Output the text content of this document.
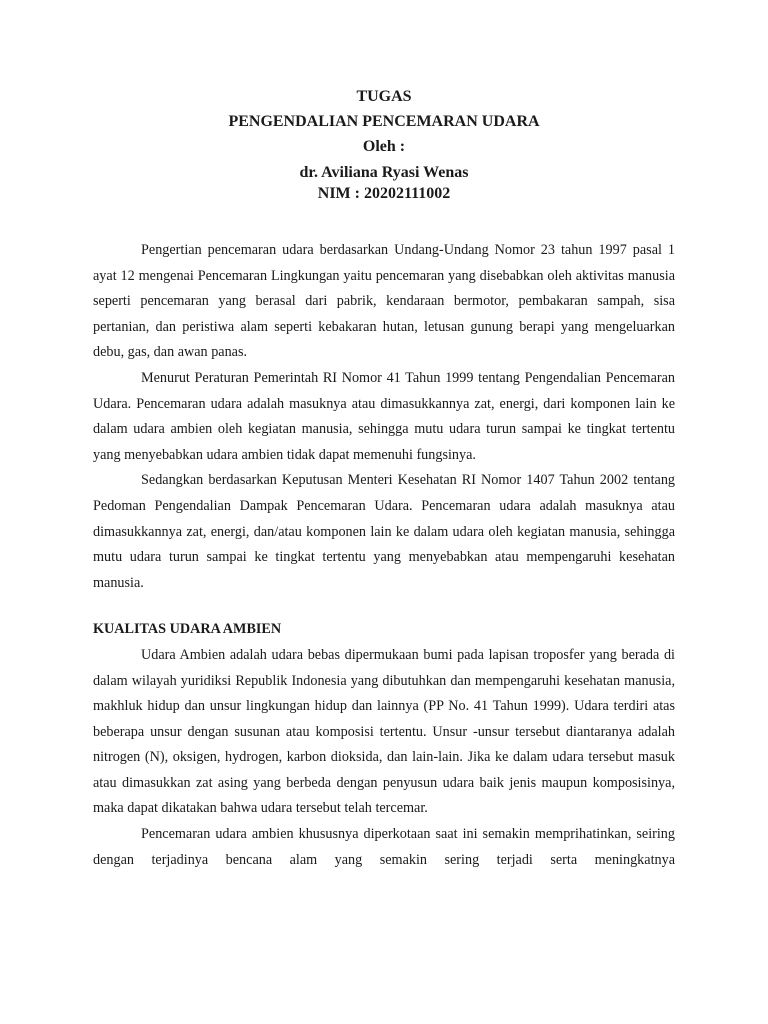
TUGAS
PENGENDALIAN PENCEMARAN UDARA
Oleh :
dr. Aviliana Ryasi Wenas
NIM : 20202111002

Pengertian pencemaran udara berdasarkan Undang-Undang Nomor 23 tahun 1997 pasal 1 ayat 12 mengenai Pencemaran Lingkungan yaitu pencemaran yang disebabkan oleh aktivitas manusia seperti pencemaran yang berasal dari pabrik, kendaraan bermotor, pembakaran sampah, sisa pertanian, dan peristiwa alam seperti kebakaran hutan, letusan gunung berapi yang mengeluarkan debu, gas, dan awan panas.

Menurut Peraturan Pemerintah RI Nomor 41 Tahun 1999 tentang Pengendalian Pencemaran Udara. Pencemaran udara adalah masuknya atau dimasukkannya zat, energi, dari komponen lain ke dalam udara ambien oleh kegiatan manusia, sehingga mutu udara turun sampai ke tingkat tertentu yang menyebabkan udara ambien tidak dapat memenuhi fungsinya.

Sedangkan berdasarkan Keputusan Menteri Kesehatan RI Nomor 1407 Tahun 2002 tentang Pedoman Pengendalian Dampak Pencemaran Udara. Pencemaran udara adalah masuknya atau dimasukkannya zat, energi, dan/atau komponen lain ke dalam udara oleh kegiatan manusia, sehingga mutu udara turun sampai ke tingkat tertentu yang menyebabkan atau mempengaruhi kesehatan manusia.

KUALITAS UDARA AMBIEN

Udara Ambien adalah udara bebas dipermukaan bumi pada lapisan troposfer yang berada di dalam wilayah yuridiksi Republik Indonesia yang dibutuhkan dan mempengaruhi kesehatan manusia, makhluk hidup dan unsur lingkungan hidup dan lainnya (PP No. 41 Tahun 1999). Udara terdiri atas beberapa unsur dengan susunan atau komposisi tertentu. Unsur -unsur tersebut diantaranya adalah nitrogen (N), oksigen, hydrogen, karbon dioksida, dan lain-lain. Jika ke dalam udara tersebut masuk atau dimasukkan zat asing yang berbeda dengan penyusun udara baik jenis maupun komposisinya, maka dapat dikatakan bahwa udara tersebut telah tercemar.

Pencemaran udara ambien khususnya diperkotaan saat ini semakin memprihatinkan, seiring dengan terjadinya bencana alam yang semakin sering terjadi serta meningkatnya
